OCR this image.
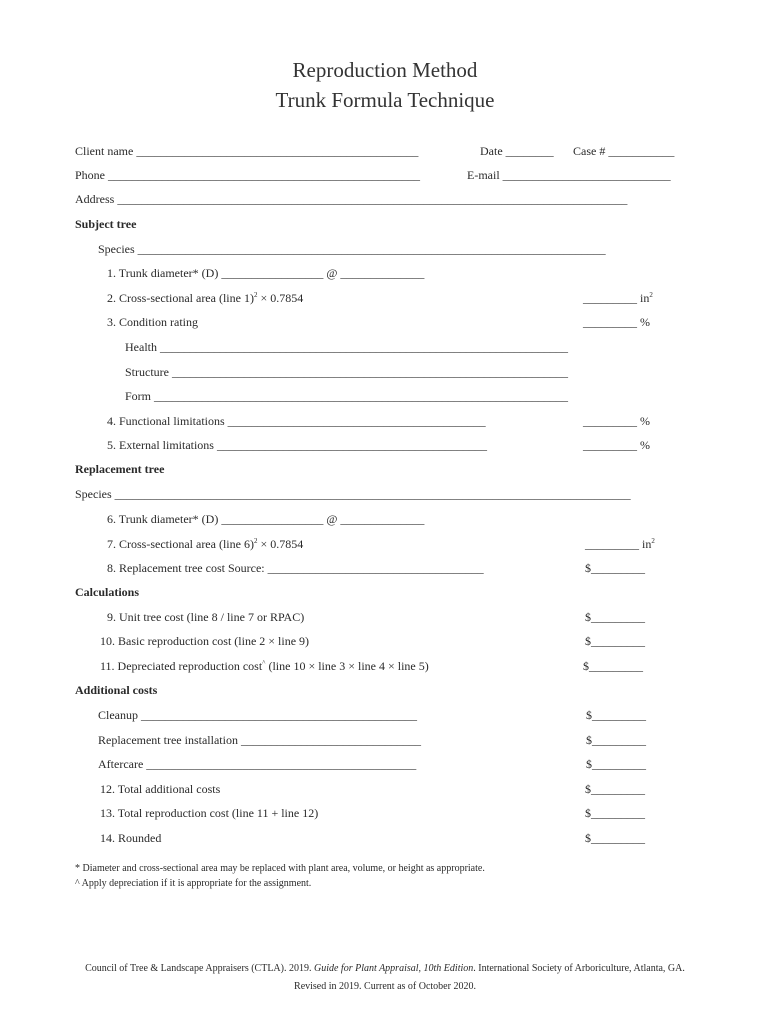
Reproduction Method
Trunk Formula Technique
Client name _______________________________________________	Date ________ Case # ___________
Phone ____________________________________________________	E-mail ____________________________
Address _____________________________________________________________________________________
Subject tree
Species ______________________________________________________________________________
1. Trunk diameter* (D) _________________ @ ______________
2. Cross-sectional area (line 1)$^2$ × 0.7854	_________ $in^2$
3. Condition rating	_________ %
Health ____________________________________________________________________
Structure __________________________________________________________________
Form _____________________________________________________________________
4. Functional limitations ___________________________________________	_________ %
5. External limitations _____________________________________________	_________ %
Replacement tree
Species ______________________________________________________________________________________
6. Trunk diameter* (D) _________________ @ ______________
7. Cross-sectional area (line 6)$^2$ × 0.7854	_________ $in^2$
8. Replacement tree cost Source: ____________________________________	$_________
Calculations
9. Unit tree cost (line 8 / line 7 or RPAC)	$_________
10. Basic reproduction cost (line 2 × line 9)	$_________
11. Depreciated reproduction cost^ (line 10 × line 3 × line 4 × line 5)	$_________
Additional costs
Cleanup ______________________________________________	$_________
Replacement tree installation ______________________________	$_________
Aftercare _____________________________________________	$_________
12. Total additional costs	$_________
13. Total reproduction cost (line 11 + line 12)	$_________
14. Rounded	$_________
* Diameter and cross-sectional area may be replaced with plant area, volume, or height as appropriate.
^ Apply depreciation if it is appropriate for the assignment.
Council of Tree & Landscape Appraisers (CTLA). 2019. Guide for Plant Appraisal, 10th Edition. International Society of Arboriculture, Atlanta, GA.
Revised in 2019. Current as of October 2020.
